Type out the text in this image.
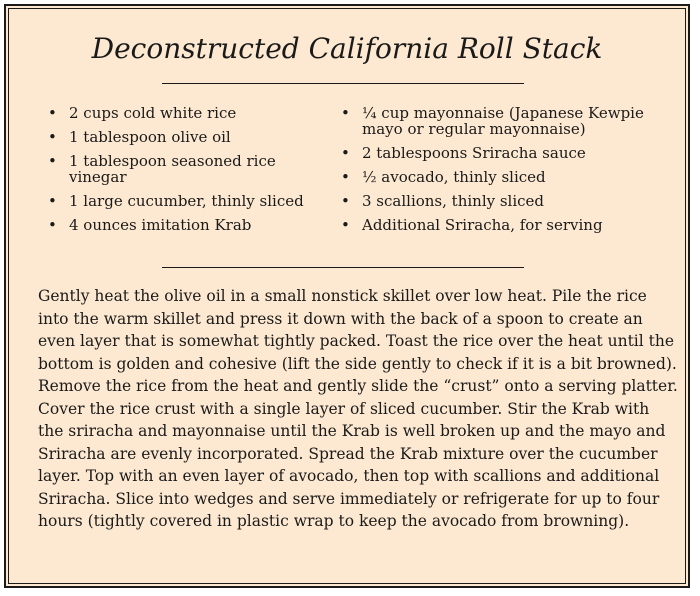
Deconstructed California Roll Stack
• 2 cups cold white rice
• 1 tablespoon olive oil
• 1 tablespoon seasoned rice vinegar
• 1 large cucumber, thinly sliced
• 4 ounces imitation Krab
• ¼ cup mayonnaise (Japanese Kewpie mayo or regular mayonnaise)
• 2 tablespoons Sriracha sauce
• ½ avocado, thinly sliced
• 3 scallions, thinly sliced
• Additional Sriracha, for serving

Gently heat the olive oil in a small nonstick skillet over low heat. Pile the rice into the warm skillet and press it down with the back of a spoon to create an even layer that is somewhat tightly packed. Toast the rice over the heat until the bottom is golden and cohesive (lift the side gently to check if it is a bit browned). Remove the rice from the heat and gently slide the “crust” onto a serving platter. Cover the rice crust with a single layer of sliced cucumber. Stir the Krab with the sriracha and mayonnaise until the Krab is well broken up and the mayo and Sriracha are evenly incorporated. Spread the Krab mixture over the cucumber layer. Top with an even layer of avocado, then top with scallions and additional Sriracha. Slice into wedges and serve immediately or refrigerate for up to four hours (tightly covered in plastic wrap to keep the avocado from browning).
